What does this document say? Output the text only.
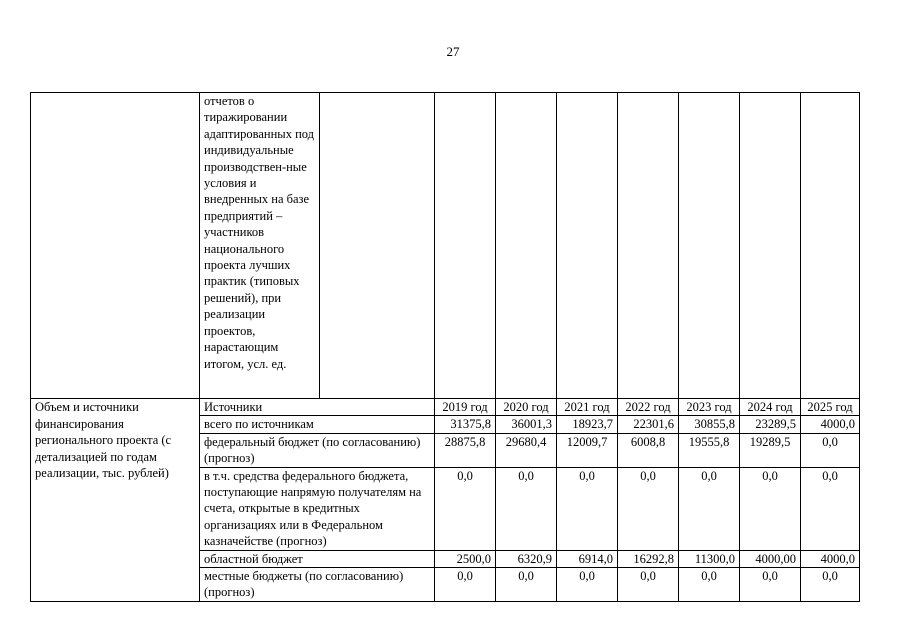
27
	отчетов о тиражировании адаптированных под индивидуальные производствен-ные условия и внедренных на базе предприятий – участников национального проекта лучших практик (типовых решений), при реализации проектов, нарастающим итогом, усл. ед.								
Объем и источники финансирования регионального проекта (с детализацией по годам реализации, тыс. рублей)	Источники		2019 год	2020 год	2021 год	2022 год	2023 год	2024 год	2025 год
	всего по источникам		31375,8	36001,3	18923,7	22301,6	30855,8	23289,5	4000,0
	федеральный бюджет (по согласованию) (прогноз)		28875,8	29680,4	12009,7	6008,8	19555,8	19289,5	0,0
	в т.ч. средства федерального бюджета, поступающие напрямую получателям на счета, открытые в кредитных организациях или в Федеральном казначействе (прогноз)		0,0	0,0	0,0	0,0	0,0	0,0	0,0
	областной бюджет		2500,0	6320,9	6914,0	16292,8	11300,0	4000,00	4000,0
	местные бюджеты (по согласованию) (прогноз)		0,0	0,0	0,0	0,0	0,0	0,0	0,0
